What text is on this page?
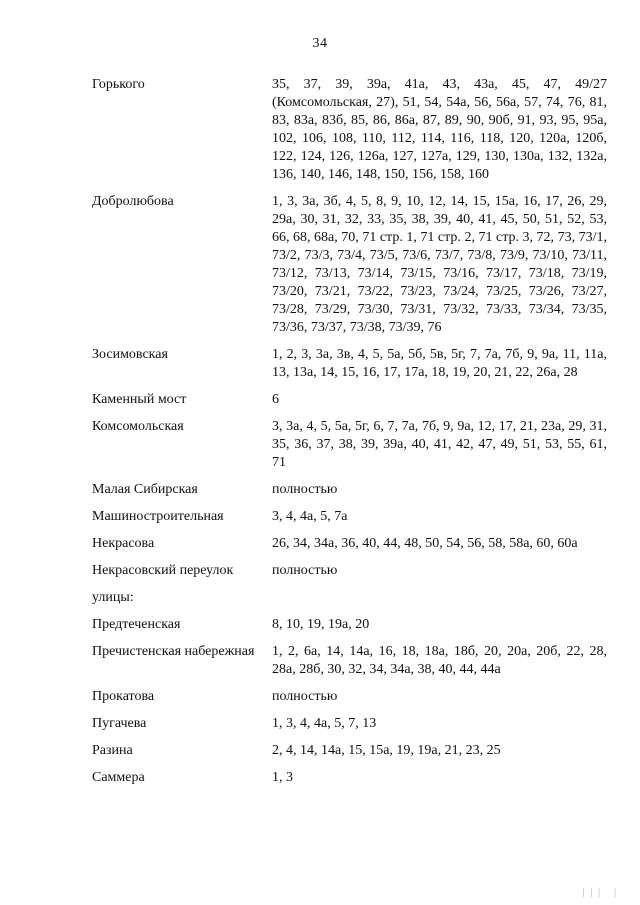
34
Горького	35, 37, 39, 39а, 41а, 43, 43а, 45, 47, 49/27 (Комсомольская, 27), 51, 54, 54а, 56, 56а, 57, 74, 76, 81, 83, 83а, 83б, 85, 86, 86а, 87, 89, 90, 90б, 91, 93, 95, 95а, 102, 106, 108, 110, 112, 114, 116, 118, 120, 120а, 120б, 122, 124, 126, 126а, 127, 127а, 129, 130, 130а, 132, 132а, 136, 140, 146, 148, 150, 156, 158, 160
Добролюбова	1, 3, 3а, 3б, 4, 5, 8, 9, 10, 12, 14, 15, 15а, 16, 17, 26, 29, 29а, 30, 31, 32, 33, 35, 38, 39, 40, 41, 45, 50, 51, 52, 53, 66, 68, 68а, 70, 71 стр. 1, 71 стр. 2, 71 стр. 3, 72, 73, 73/1, 73/2, 73/3, 73/4, 73/5, 73/6, 73/7, 73/8, 73/9, 73/10, 73/11, 73/12, 73/13, 73/14, 73/15, 73/16, 73/17, 73/18, 73/19, 73/20, 73/21, 73/22, 73/23, 73/24, 73/25, 73/26, 73/27, 73/28, 73/29, 73/30, 73/31, 73/32, 73/33, 73/34, 73/35, 73/36, 73/37, 73/38, 73/39, 76
Зосимовская	1, 2, 3, 3а, 3в, 4, 5, 5а, 5б, 5в, 5г, 7, 7а, 7б, 9, 9а, 11, 11а, 13, 13а, 14, 15, 16, 17, 17а, 18, 19, 20, 21, 22, 26а, 28
Каменный мост	6
Комсомольская	3, 3а, 4, 5, 5а, 5г, 6, 7, 7а, 7б, 9, 9а, 12, 17, 21, 23а, 29, 31, 35, 36, 37, 38, 39, 39а, 40, 41, 42, 47, 49, 51, 53, 55, 61, 71
Малая Сибирская	полностью
Машиностроительная	3, 4, 4а, 5, 7а
Некрасова	26, 34, 34а, 36, 40, 44, 48, 50, 54, 56, 58, 58а, 60, 60а
Некрасовский переулок	полностью
улицы:
Предтеченская	8, 10, 19, 19а, 20
Пречистенская набережная	1, 2, 6а, 14, 14а, 16, 18, 18а, 18б, 20, 20а, 20б, 22, 28, 28а, 28б, 30, 32, 34, 34а, 38, 40, 44, 44а
Прокатова	полностью
Пугачева	1, 3, 4, 4а, 5, 7, 13
Разина	2, 4, 14, 14а, 15, 15а, 19, 19а, 21, 23, 25
Саммера	1, 3
||| |
